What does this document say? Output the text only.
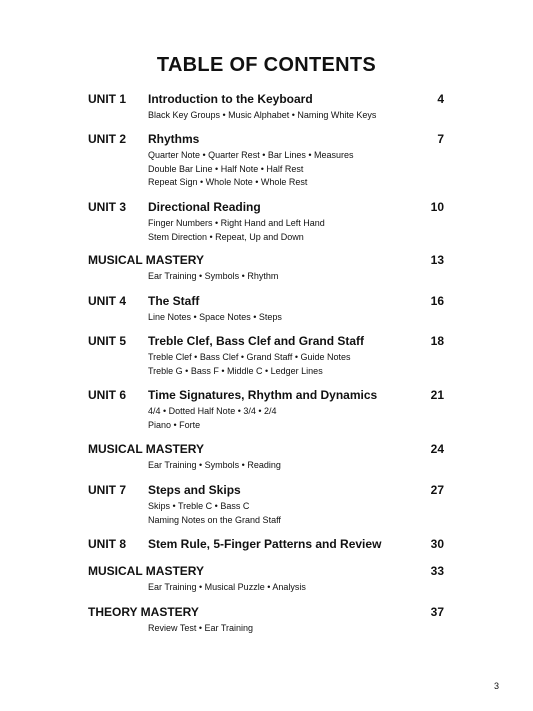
TABLE OF CONTENTS
UNIT 1 Introduction to the Keyboard	4
Black Key Groups • Music Alphabet • Naming White Keys
UNIT 2 Rhythms	7
Quarter Note • Quarter Rest • Bar Lines • Measures
Double Bar Line • Half Note • Half Rest
Repeat Sign • Whole Note • Whole Rest
UNIT 3 Directional Reading	10
Finger Numbers • Right Hand and Left Hand
Stem Direction • Repeat, Up and Down
MUSICAL MASTERY	13
Ear Training • Symbols • Rhythm
UNIT 4 The Staff	16
Line Notes • Space Notes • Steps
UNIT 5 Treble Clef, Bass Clef and Grand Staff	18
Treble Clef • Bass Clef • Grand Staff • Guide Notes
Treble G • Bass F • Middle C • Ledger Lines
UNIT 6 Time Signatures, Rhythm and Dynamics	21
4/4 • Dotted Half Note • 3/4 • 2/4
Piano • Forte
MUSICAL MASTERY	24
Ear Training • Symbols • Reading
UNIT 7 Steps and Skips	27
Skips • Treble C • Bass C
Naming Notes on the Grand Staff
UNIT 8 Stem Rule, 5-Finger Patterns and Review	30
MUSICAL MASTERY	33
Ear Training • Musical Puzzle • Analysis
THEORY MASTERY	37
Review Test • Ear Training
3
